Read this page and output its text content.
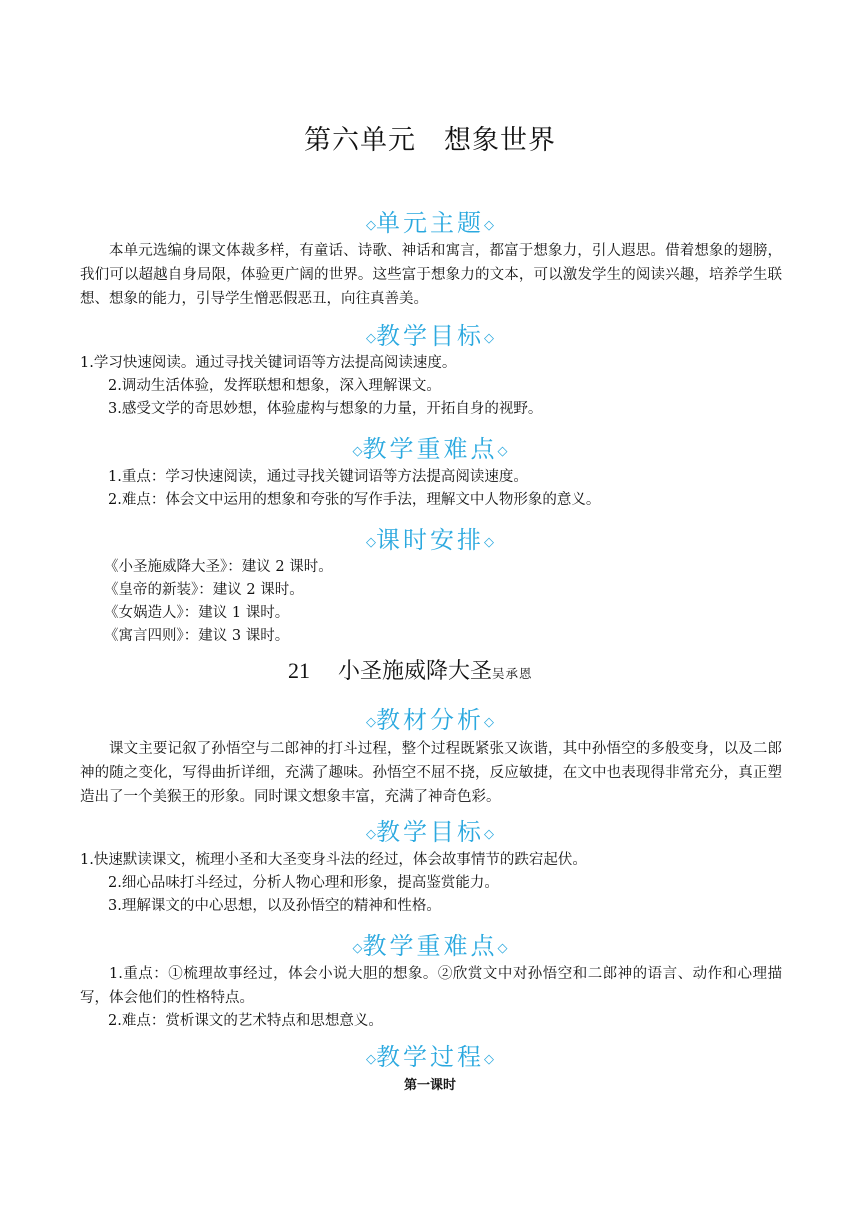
第六单元 想象世界
◇单元主题◇
本单元选编的课文体裁多样，有童话、诗歌、神话和寓言，都富于想象力，引人遐思。借着想象的翅膀，我们可以超越自身局限，体验更广阔的世界。这些富于想象力的文本，可以激发学生的阅读兴趣，培养学生联想、想象的能力，引导学生憎恶假恶丑，向往真善美。
◇教学目标◇
1.学习快速阅读。通过寻找关键词语等方法提高阅读速度。
2.调动生活体验，发挥联想和想象，深入理解课文。
3.感受文学的奇思妙想，体验虚构与想象的力量，开拓自身的视野。
◇教学重难点◇
1.重点：学习快速阅读，通过寻找关键词语等方法提高阅读速度。
2.难点：体会文中运用的想象和夸张的写作手法，理解文中人物形象的意义。
◇课时安排◇
《小圣施威降大圣》：建议 2 课时。
《皇帝的新装》：建议 2 课时。
《女娲造人》：建议 1 课时。
《寓言四则》：建议 3 课时。
21 小圣施威降大圣吴承恩
◇教材分析◇
课文主要记叙了孙悟空与二郎神的打斗过程，整个过程既紧张又诙谐，其中孙悟空的多般变身，以及二郎神的随之变化，写得曲折详细，充满了趣味。孙悟空不屈不挠，反应敏捷，在文中也表现得非常充分，真正塑造出了一个美猴王的形象。同时课文想象丰富，充满了神奇色彩。
◇教学目标◇
1.快速默读课文，梳理小圣和大圣变身斗法的经过，体会故事情节的跌宕起伏。
2.细心品味打斗经过，分析人物心理和形象，提高鉴赏能力。
3.理解课文的中心思想，以及孙悟空的精神和性格。
◇教学重难点◇
1.重点：①梳理故事经过，体会小说大胆的想象。②欣赏文中对孙悟空和二郎神的语言、动作和心理描写，体会他们的性格特点。
2.难点：赏析课文的艺术特点和思想意义。
◇教学过程◇
第一课时
